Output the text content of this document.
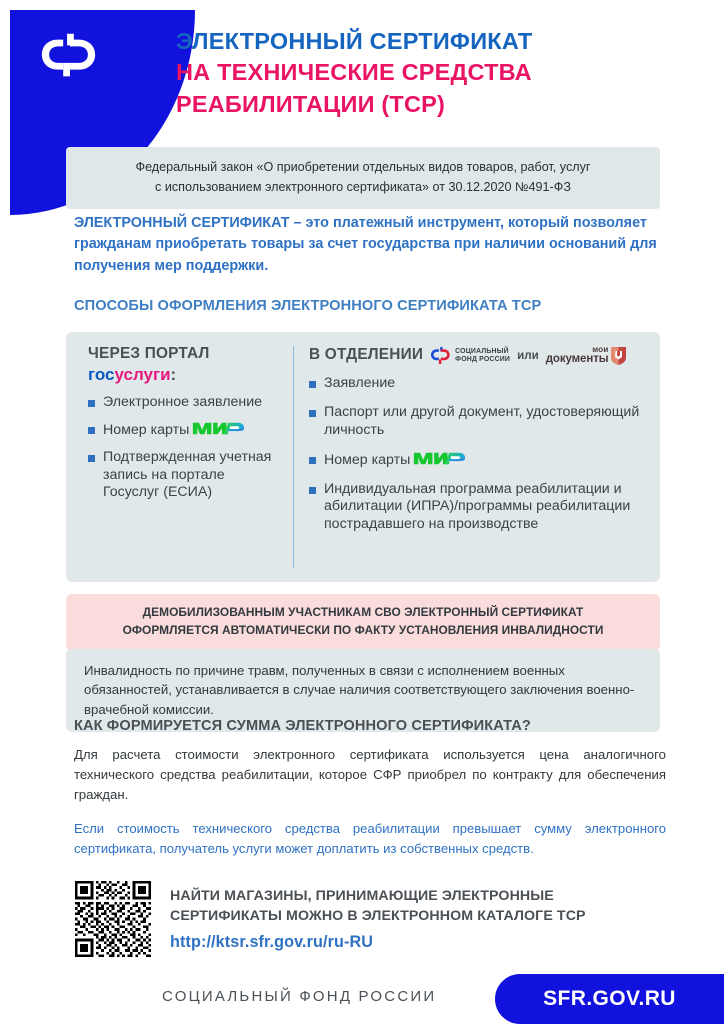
ЭЛЕКТРОННЫЙ СЕРТИФИКАТ
НА ТЕХНИЧЕСКИЕ СРЕДСТВА
РЕАБИЛИТАЦИИ (ТСР)
Федеральный закон «О приобретении отдельных видов товаров, работ, услуг
с использованием электронного сертификата» от 30.12.2020 №491-ФЗ
ЭЛЕКТРОННЫЙ СЕРТИФИКАТ – это платежный инструмент, который позволяет гражданам приобретать товары за счет государства при наличии оснований для получения мер поддержки.
СПОСОБЫ ОФОРМЛЕНИЯ ЭЛЕКТРОННОГО СЕРТИФИКАТА ТСР
ЧЕРЕЗ ПОРТАЛ
госуслуги:
Электронное заявление
Номер карты
Подтвержденная учетная запись на портале Госуслуг (ЕСИА)
В ОТДЕЛЕНИИ	СОЦИАЛЬНЫЙ
ФОНД РОССИИ или	мои
документы
Заявление
Паспорт или другой документ, удостоверяющий личность
Номер карты
Индивидуальная программа реабилитации и абилитации (ИПРА)/программы реабилитации пострадавшего на производстве
ДЕМОБИЛИЗОВАННЫМ УЧАСТНИКАМ СВО ЭЛЕКТРОННЫЙ СЕРТИФИКАТ
ОФОРМЛЯЕТСЯ АВТОМАТИЧЕСКИ ПО ФАКТУ УСТАНОВЛЕНИЯ ИНВАЛИДНОСТИ
Инвалидность по причине травм, полученных в связи с исполнением военных обязанностей, устанавливается в случае наличия соответствующего заключения военно-врачебной комиссии.
КАК ФОРМИРУЕТСЯ СУММА ЭЛЕКТРОННОГО СЕРТИФИКАТА?
Для расчета стоимости электронного сертификата используется цена аналогичного технического средства реабилитации, которое СФР приобрел по контракту для обеспечения граждан.
Если стоимость технического средства реабилитации превышает сумму электронного сертификата, получатель услуги может доплатить из собственных средств.
НАЙТИ МАГАЗИНЫ, ПРИНИМАЮЩИЕ ЭЛЕКТРОННЫЕ
СЕРТИФИКАТЫ МОЖНО В ЭЛЕКТРОННОМ КАТАЛОГЕ ТСР
http://ktsr.sfr.gov.ru/ru-RU
СОЦИАЛЬНЫЙ ФОНД РОССИИ	SFR.GOV.RU
